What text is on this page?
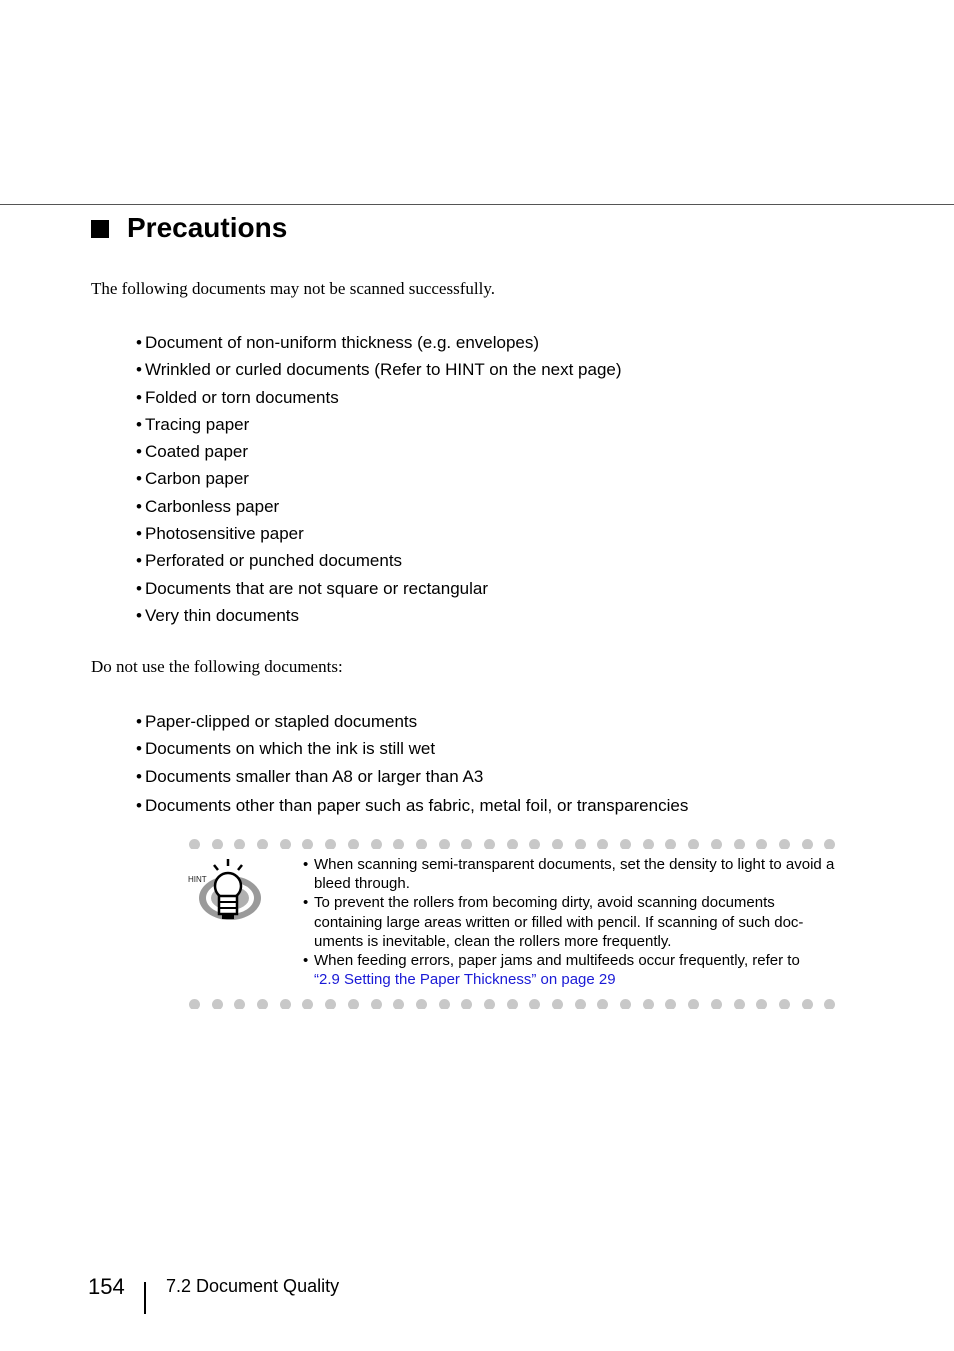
Precautions
The following documents may not be scanned successfully.
• Document of non-uniform thickness (e.g. envelopes)
• Wrinkled or curled documents (Refer to HINT on the next page)
• Folded or torn documents
• Tracing paper
• Coated paper
• Carbon paper
• Carbonless paper
• Photosensitive paper
• Perforated or punched documents
• Documents that are not square or rectangular
• Very thin documents
Do not use the following documents:
• Paper-clipped or stapled documents
• Documents on which the ink is still wet
• Documents smaller than A8 or larger than A3
• Documents other than paper such as fabric, metal foil, or transparencies
HINT
• When scanning semi-transparent documents, set the density to light to avoid a bleed through.
• To prevent the rollers from becoming dirty, avoid scanning documents containing large areas written or filled with pencil. If scanning of such doc-uments is inevitable, clean the rollers more frequently.
• When feeding errors, paper jams and multifeeds occur frequently, refer to
“2.9 Setting the Paper Thickness” on page 29
154 7.2 Document Quality
